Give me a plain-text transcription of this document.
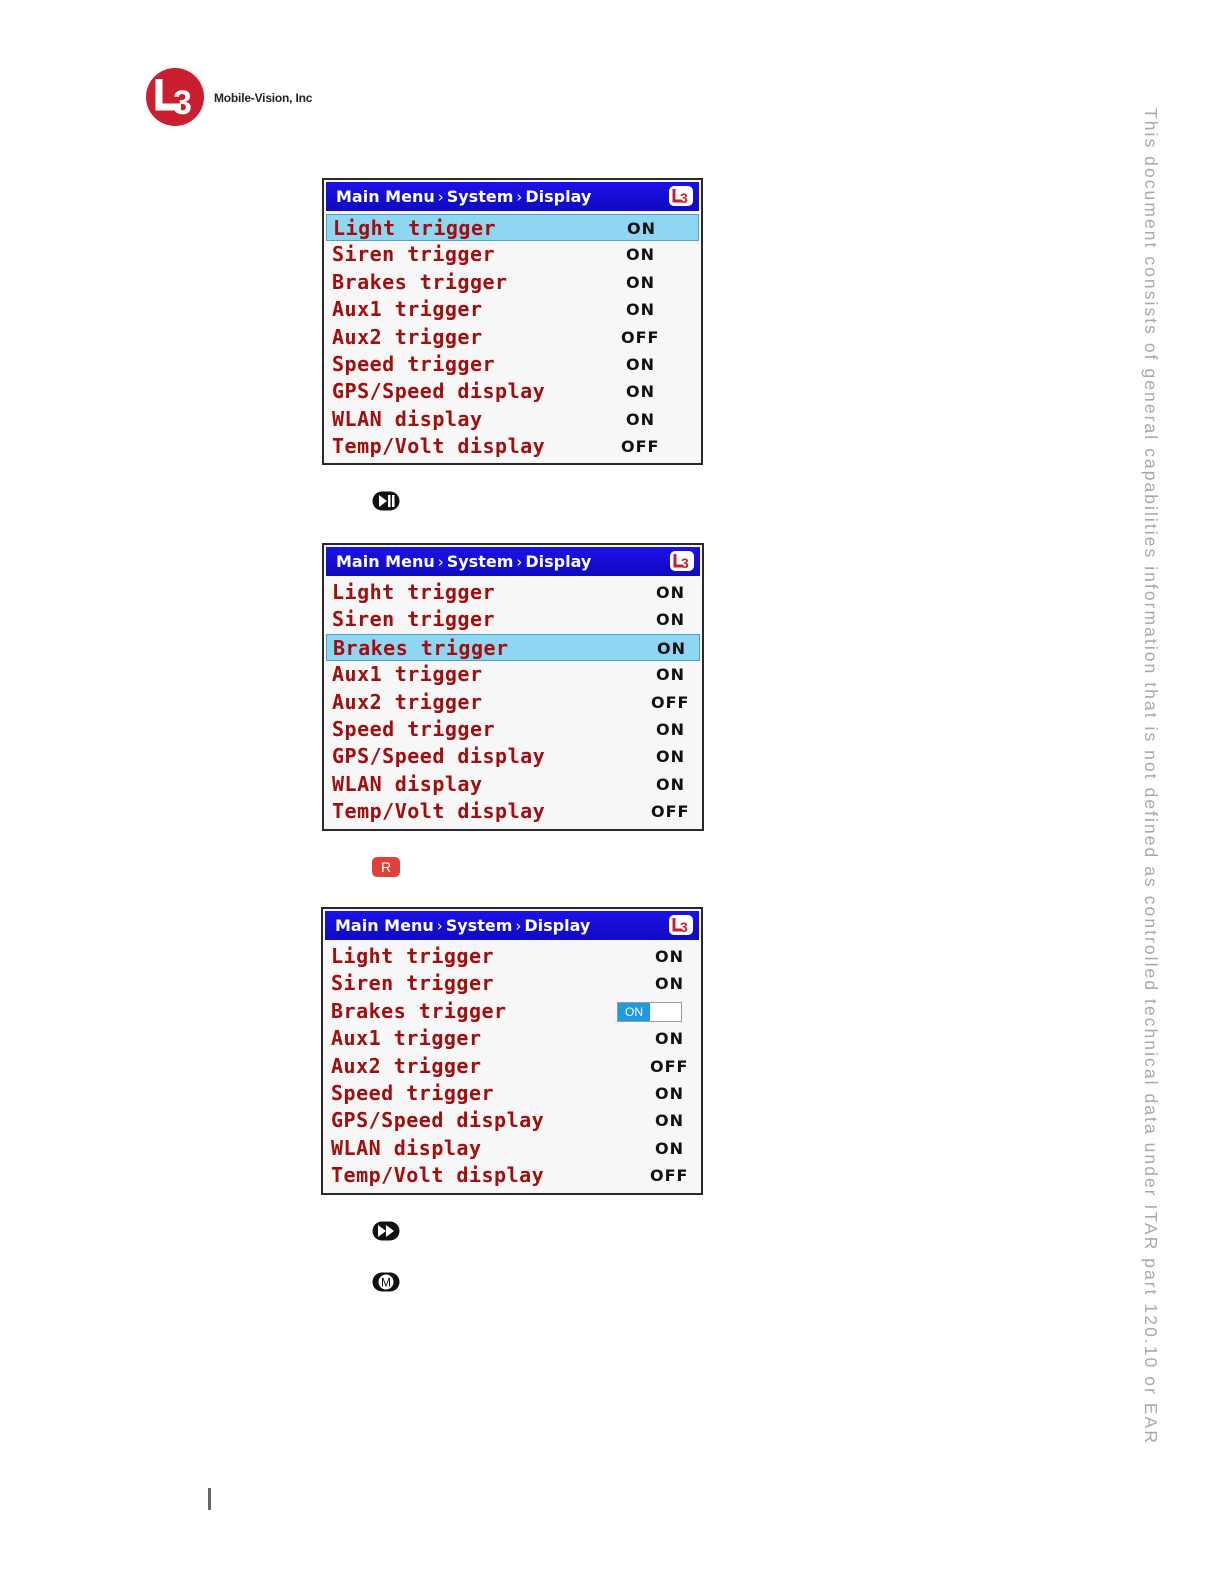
3 Mobile-Vision, Inc
This document consists of general capabilities information that is not defined as controlled technical data under ITAR part 120.10 or EAR
Main Menu › System › Display	3
Light trigger	ON
Siren trigger	ON
Brakes trigger	ON
Aux1 trigger	ON
Aux2 trigger	OFF
Speed trigger	ON
GPS/Speed display	ON
WLAN display	ON
Temp/Volt display	OFF
Main Menu › System › Display	3
Light trigger	ON
Siren trigger	ON
Brakes trigger	ON
Aux1 trigger	ON
Aux2 trigger	OFF
Speed trigger	ON
GPS/Speed display	ON
WLAN display	ON
Temp/Volt display	OFF
R
Main Menu › System › Display	3
Light trigger	ON
Siren trigger	ON
Brakes trigger	ON
Aux1 trigger	ON
Aux2 trigger	OFF
Speed trigger	ON
GPS/Speed display	ON
WLAN display	ON
Temp/Volt display	OFF
M
